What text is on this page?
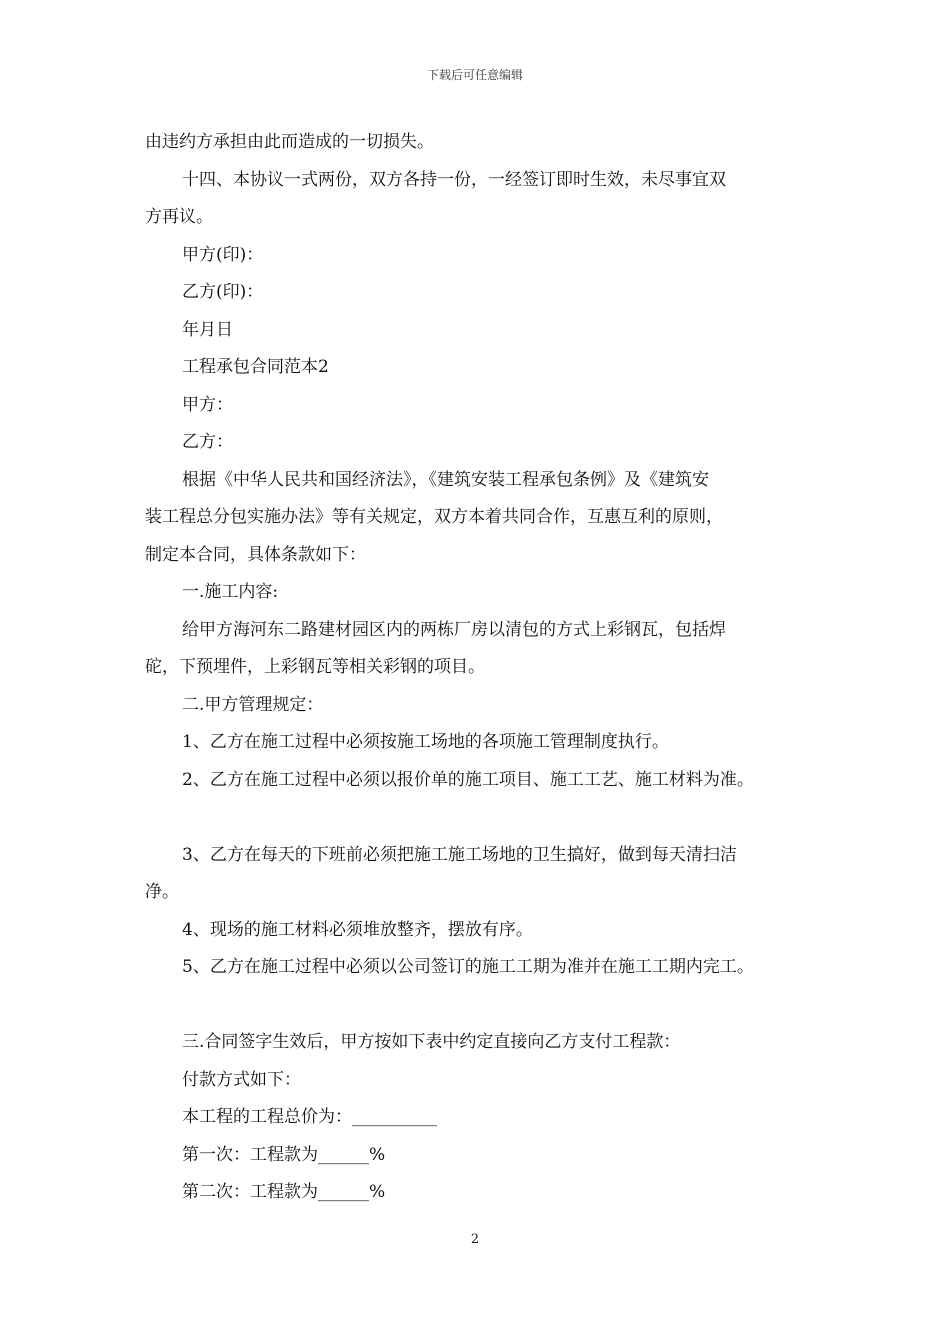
下载后可任意编辑
由违约方承担由此而造成的一切损失。
十四、本协议一式两份，双方各持一份，一经签订即时生效，未尽事宜双
方再议。
甲方(印)：
乙方(印)：
年月日
工程承包合同范本2
甲方：
乙方：
根据《中华人民共和国经济法》，《建筑安装工程承包条例》及《建筑安
装工程总分包实施办法》等有关规定，双方本着共同合作，互惠互利的原则，
制定本合同，具体条款如下：
一.施工内容:
给甲方海河东二路建材园区内的两栋厂房以清包的方式上彩钢瓦，包括焊
砣，下预埋件，上彩钢瓦等相关彩钢的项目。
二.甲方管理规定：
1、乙方在施工过程中必须按施工场地的各项施工管理制度执行。
2、乙方在施工过程中必须以报价单的施工项目、施工工艺、施工材料为准。
3、乙方在每天的下班前必须把施工施工场地的卫生搞好，做到每天清扫洁
净。
4、现场的施工材料必须堆放整齐，摆放有序。
5、乙方在施工过程中必须以公司签订的施工工期为准并在施工工期内完工。
三.合同签字生效后，甲方按如下表中约定直接向乙方支付工程款：
付款方式如下：
本工程的工程总价为：__________
第一次：工程款为______%
第二次：工程款为______%
2
